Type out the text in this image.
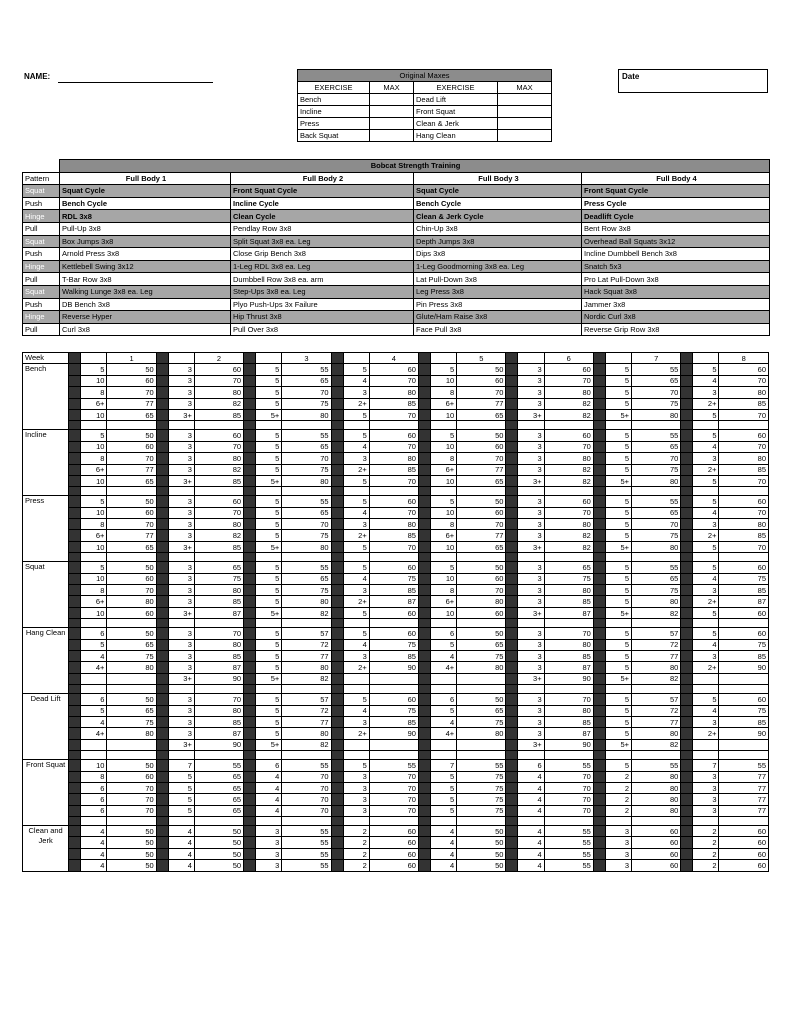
NAME:	Original Maxes			
EXERCISE	MAX	EXERCISE	MAX
Bench		Dead Lift	
Incline		Front Squat	
Press		Clean & Jerk	
Back Squat		Hang Clean	
Date
	Bobcat Strength Training			
Pattern	Full Body 1	Full Body 2	Full Body 3	Full Body 4
Squat	Squat Cycle	Front Squat Cycle	Squat Cycle	Front Squat Cycle
Push	Bench Cycle	Incline Cycle	Bench Cycle	Press Cycle
Hinge	RDL 3x8	Clean Cycle	Clean & Jerk Cycle	Deadlift Cycle
Pull	Pull-Up 3x8	Pendlay Row 3x8	Chin-Up 3x8	Bent Row 3x8
Squat	Box Jumps 3x8	Split Squat 3x8 ea. Leg	Depth Jumps 3x8	Overhead Ball Squats 3x12
Push	Arnold Press 3x8	Close Grip Bench 3x8	Dips 3x8	Incline Dumbbell Bench 3x8
Hinge	Kettlebell Swing 3x12	1-Leg RDL 3x8 ea. Leg	1-Leg Goodmorning 3x8 ea. Leg	Snatch 5x3
Pull	T-Bar Row 3x8	Dumbbell Row 3x8 ea. arm	Lat Pull-Down 3x8	Pro Lat Pull-Down 3x8
Squat	Walking Lunge 3x8 ea. Leg	Step-Ups 3x8 ea. Leg	Leg Press 3x8	Hack Squat 3x8
Push	DB Bench 3x8	Plyo Push-Ups 3x Failure	Pin Press 3x8	Jammer 3x8
Hinge	Reverse Hyper	Hip Thrust 3x8	Glute/Ham Raise 3x8	Nordic Curl 3x8
Pull	Curl 3x8	Pull Over 3x8	Face Pull 3x8	Reverse Grip Row 3x8
Week			1			2			3			4			5			6			7			8
Bench		5	50		3	60		5	55		5	60		5	50		3	60		5	55		5	60
		10	60		3	70		5	65		4	70		10	60		3	70		5	65		4	70
		8	70		3	80		5	70		3	80		8	70		3	80		5	70		3	80
		6+	77		3	82		5	75		2+	85		6+	77		3	82		5	75		2+	85
		10	65		3+	85		5+	80		5	70		10	65		3+	82		5+	80		5	70

Incline		5	50		3	60		5	55		5	60		5	50		3	60		5	55		5	60
		10	60		3	70		5	65		4	70		10	60		3	70		5	65		4	70
		8	70		3	80		5	70		3	80		8	70		3	80		5	70		3	80
		6+	77		3	82		5	75		2+	85		6+	77		3	82		5	75		2+	85
		10	65		3+	85		5+	80		5	70		10	65		3+	82		5+	80		5	70

Press		5	50		3	60		5	55		5	60		5	50		3	60		5	55		5	60
		10	60		3	70		5	65		4	70		10	60		3	70		5	65		4	70
		8	70		3	80		5	70		3	80		8	70		3	80		5	70		3	80
		6+	77		3	82		5	75		2+	85		6+	77		3	82		5	75		2+	85
		10	65		3+	85		5+	80		5	70		10	65		3+	82		5+	80		5	70

Squat		5	50		3	65		5	55		5	60		5	50		3	65		5	55		5	60
		10	60		3	75		5	65		4	75		10	60		3	75		5	65		4	75
		8	70		3	80		5	75		3	85		8	70		3	80		5	75		3	85
		6+	80		3	85		5	80		2+	87		6+	80		3	85		5	80		2+	87
		10	60		3+	87		5+	82		5	60		10	60		3+	87		5+	82		5	60

Hang Clean		6	50		3	70		5	57		5	60		6	50		3	70		5	57		5	60
		5	65		3	80		5	72		4	75		5	65		3	80		5	72		4	75
		4	75		3	85		5	77		3	85		4	75		3	85		5	77		3	85
		4+	80		3	87		5	80		2+	90		4+	80		3	87		5	80		2+	90
					3+	90		5+	82								3+	90		5+	82			

Dead Lift		6	50		3	70		5	57		5	60		6	50		3	70		5	57		5	60
		5	65		3	80		5	72		4	75		5	65		3	80		5	72		4	75
		4	75		3	85		5	77		3	85		4	75		3	85		5	77		3	85
		4+	80		3	87		5	80		2+	90		4+	80		3	87		5	80		2+	90
					3+	90		5+	82								3+	90		5+	82			

Front Squat		10	50		7	55		6	55		5	55		7	55		6	55		5	55		7	55
		8	60		5	65		4	70		3	70		5	75		4	70		2	80		3	77
		6	70		5	65		4	70		3	70		5	75		4	70		2	80		3	77
		6	70		5	65		4	70		3	70		5	75		4	70		2	80		3	77
		6	70		5	65		4	70		3	70		5	75		4	70		2	80		3	77

Clean and Jerk		4	50		4	50		3	55		2	60		4	50		4	55		3	60		2	60
		4	50		4	50		3	55		2	60		4	50		4	55		3	60		2	60
		4	50		4	50		3	55		2	60		4	50		4	55		3	60		2	60
		4	50		4	50		3	55		2	60		4	50		4	55		3	60		2	60
